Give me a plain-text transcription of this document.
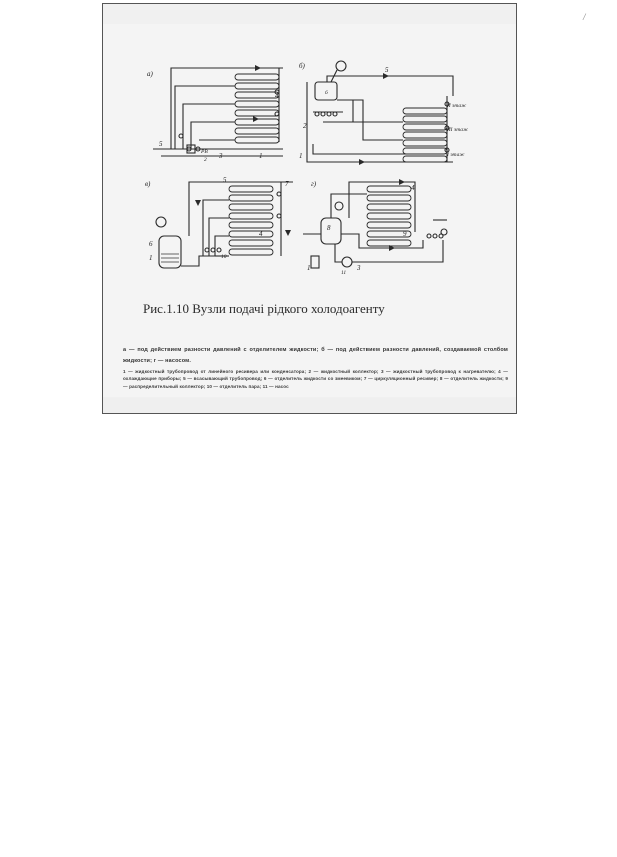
a)
5
РВ
2 3	1
4
б)	5
2
1
6
II этаж
III этаж
I этаж
в)	5
6
1	10
4
7	г)
8
11
9
1	3
4
/
Рис.1.10 Вузли подачі рідкого холодоагенту
а — под действием разности давлений с отделителем жидкости; б — под действием разности давлений, создаваемой столбом жидкости; г — насосом.
1 — жидкостный трубопровод от линейного ресивера или конденсатора; 2 — жидкостный коллектор; 3 — жидкостный трубопровод к нагревателю; 4 — охлаждающие приборы; 5 — всасывающий трубопровод; 6 — отделитель жидкости со змеевиком; 7 — циркуляционный ресивер; 8 — отделитель жидкости; 9 — распределительный коллектор; 10 — отделитель пара; 11 — насос
